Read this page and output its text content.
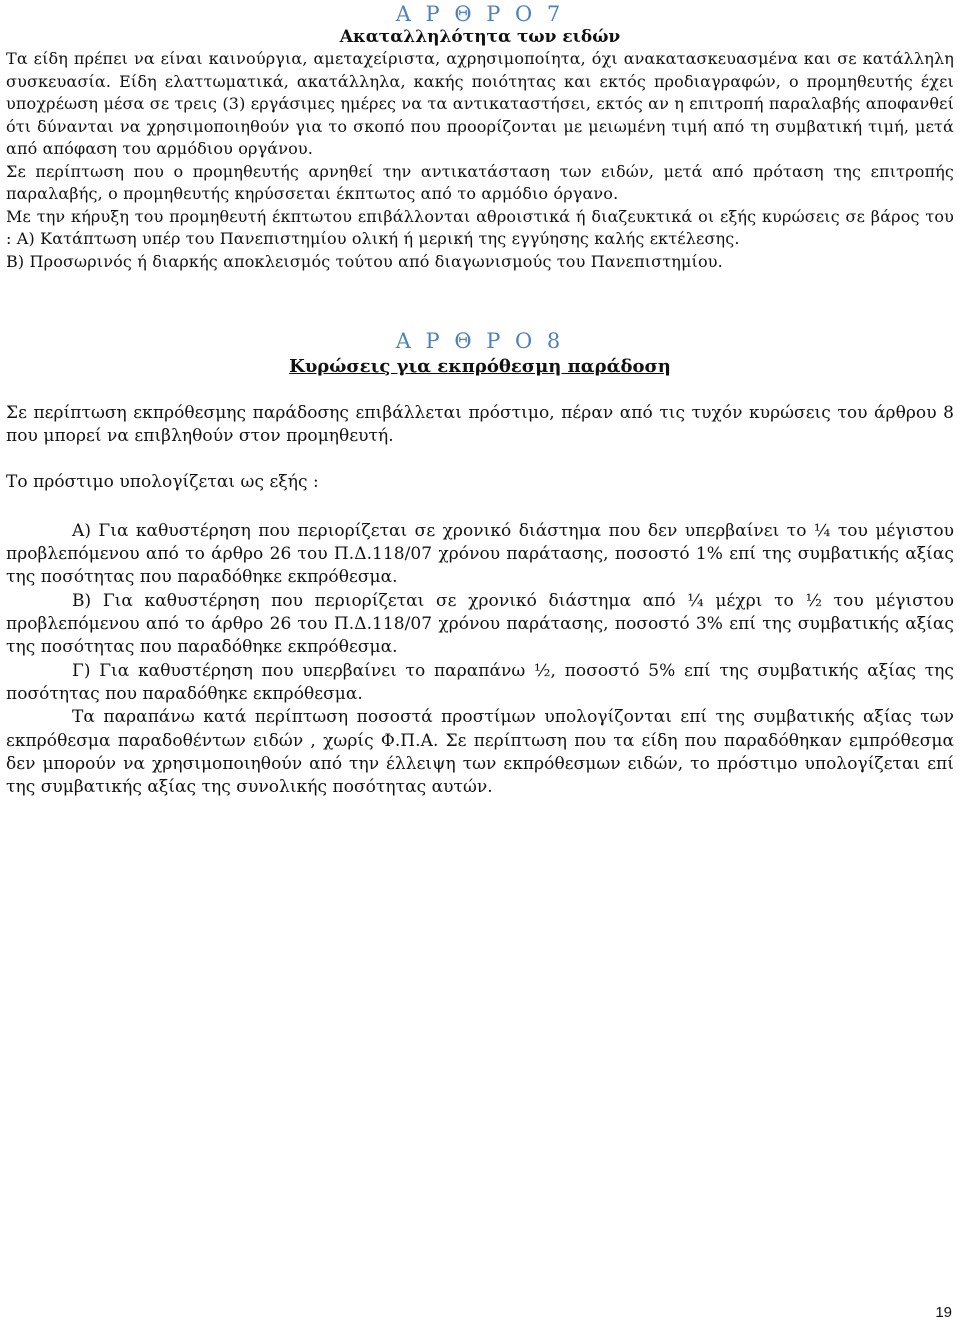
Α Ρ Θ Ρ Ο 7
Ακαταλληλότητα των ειδών

Τα είδη πρέπει να είναι καινούργια, αμεταχείριστα, αχρησιμοποίητα, όχι ανακατασκευασμένα και σε κατάλληλη συσκευασία. Είδη ελαττωματικά, ακατάλληλα, κακής ποιότητας και εκτός προδιαγραφών, ο προμηθευτής έχει υποχρέωση μέσα σε τρεις (3) εργάσιμες ημέρες να τα αντικαταστήσει, εκτός αν η επιτροπή παραλαβής αποφανθεί ότι δύνανται να χρησιμοποιηθούν για το σκοπό που προορίζονται με μειωμένη τιμή από τη συμβατική τιμή, μετά από απόφαση του αρμόδιου οργάνου.

Σε περίπτωση που ο προμηθευτής αρνηθεί την αντικατάσταση των ειδών, μετά από πρόταση της επιτροπής παραλαβής, ο προμηθευτής κηρύσσεται έκπτωτος από το αρμόδιο όργανο.

Με την κήρυξη του προμηθευτή έκπτωτου επιβάλλονται αθροιστικά ή διαζευκτικά οι εξής κυρώσεις σε βάρος του : Α) Κατάπτωση υπέρ του Πανεπιστημίου ολική ή μερική της εγγύησης καλής εκτέλεσης.

Β) Προσωρινός ή διαρκής αποκλεισμός τούτου από διαγωνισμούς του Πανεπιστημίου.

Α Ρ Θ Ρ Ο 8
Κυρώσεις για εκπρόθεσμη παράδοση

Σε περίπτωση εκπρόθεσμης παράδοσης επιβάλλεται πρόστιμο, πέραν από τις τυχόν κυρώσεις του άρθρου 8 που μπορεί να επιβληθούν στον προμηθευτή.

Το πρόστιμο υπολογίζεται ως εξής :

Α) Για καθυστέρηση που περιορίζεται σε χρονικό διάστημα που δεν υπερβαίνει το ¼ του μέγιστου προβλεπόμενου από το άρθρο 26 του Π.Δ.118/07 χρόνου παράτασης, ποσοστό 1% επί της συμβατικής αξίας της ποσότητας που παραδόθηκε εκπρόθεσμα.

Β) Για καθυστέρηση που περιορίζεται σε χρονικό διάστημα από ¼ μέχρι το ½ του μέγιστου προβλεπόμενου από το άρθρο 26 του Π.Δ.118/07 χρόνου παράτασης, ποσοστό 3% επί της συμβατικής αξίας της ποσότητας που παραδόθηκε εκπρόθεσμα.

Γ) Για καθυστέρηση που υπερβαίνει το παραπάνω ½, ποσοστό 5% επί της συμβατικής αξίας της ποσότητας που παραδόθηκε εκπρόθεσμα.

Τα παραπάνω κατά περίπτωση ποσοστά προστίμων υπολογίζονται επί της συμβατικής αξίας των εκπρόθεσμα παραδοθέντων ειδών , χωρίς Φ.Π.Α. Σε περίπτωση που τα είδη που παραδόθηκαν εμπρόθεσμα δεν μπορούν να χρησιμοποιηθούν από την έλλειψη των εκπρόθεσμων ειδών, το πρόστιμο υπολογίζεται επί της συμβατικής αξίας της συνολικής ποσότητας αυτών.

19
